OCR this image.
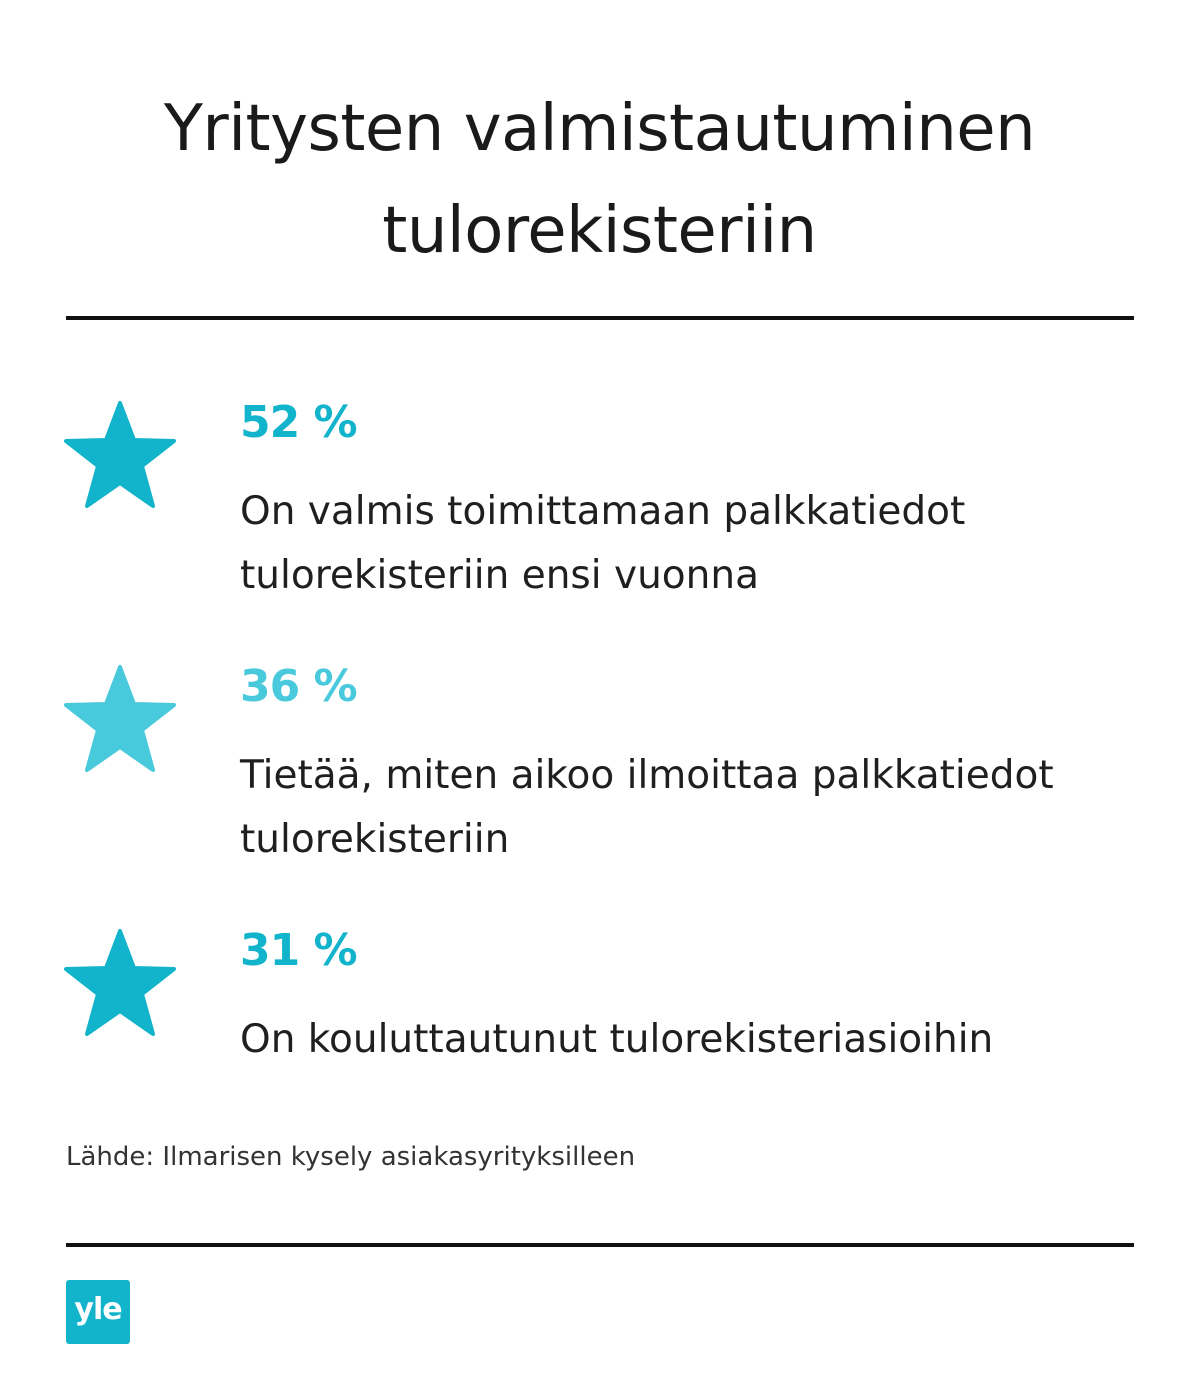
Yritysten valmistautuminen
tulorekisteriin
52 %
On valmis toimittamaan palkkatiedot
tulorekisteriin ensi vuonna
36 %
Tietää, miten aikoo ilmoittaa palkkatiedot
tulorekisteriin
31 %
On kouluttautunut tulorekisteriasioihin
Lähde: Ilmarisen kysely asiakasyrityksilleen
yle
